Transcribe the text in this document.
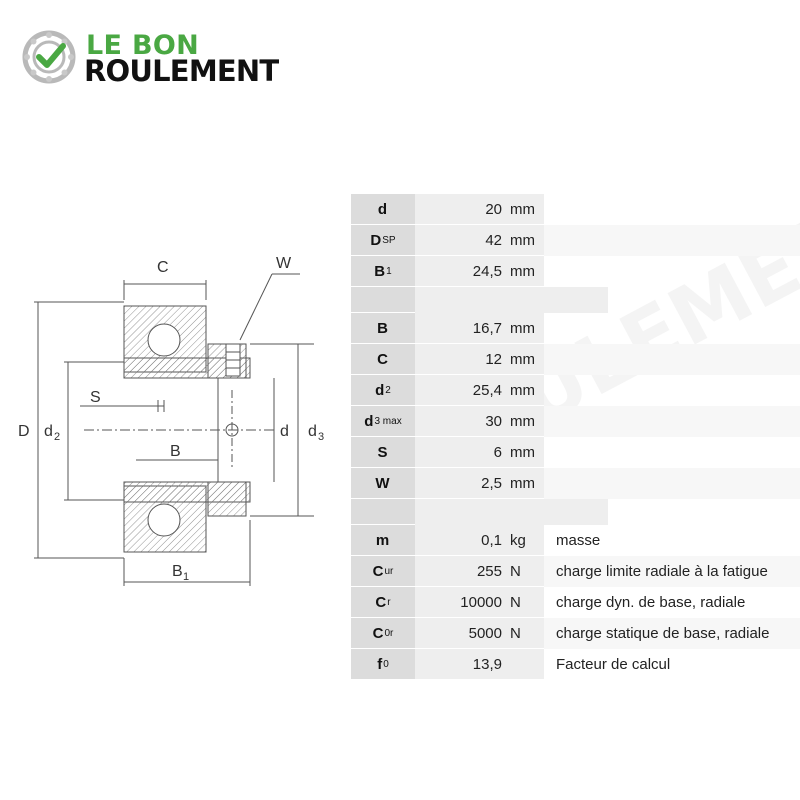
LE BON
ROULEMENT
C	W
S
D d 2
B
d d 3
B 1
d	20 mm
D SP	42 mm
B 1	24,5 mm
B	16,7 mm
C	12 mm
d 2	25,4 mm
d 3 max	30 mm
S	6 mm
W	2,5 mm
m	0,1 kg	masse
C ur	255 N	charge limite radiale à la fatigue
C r	10000 N	charge dyn. de base, radiale
C 0r	5000 N	charge statique de base, radiale
f 0	13,9	Facteur de calcul
